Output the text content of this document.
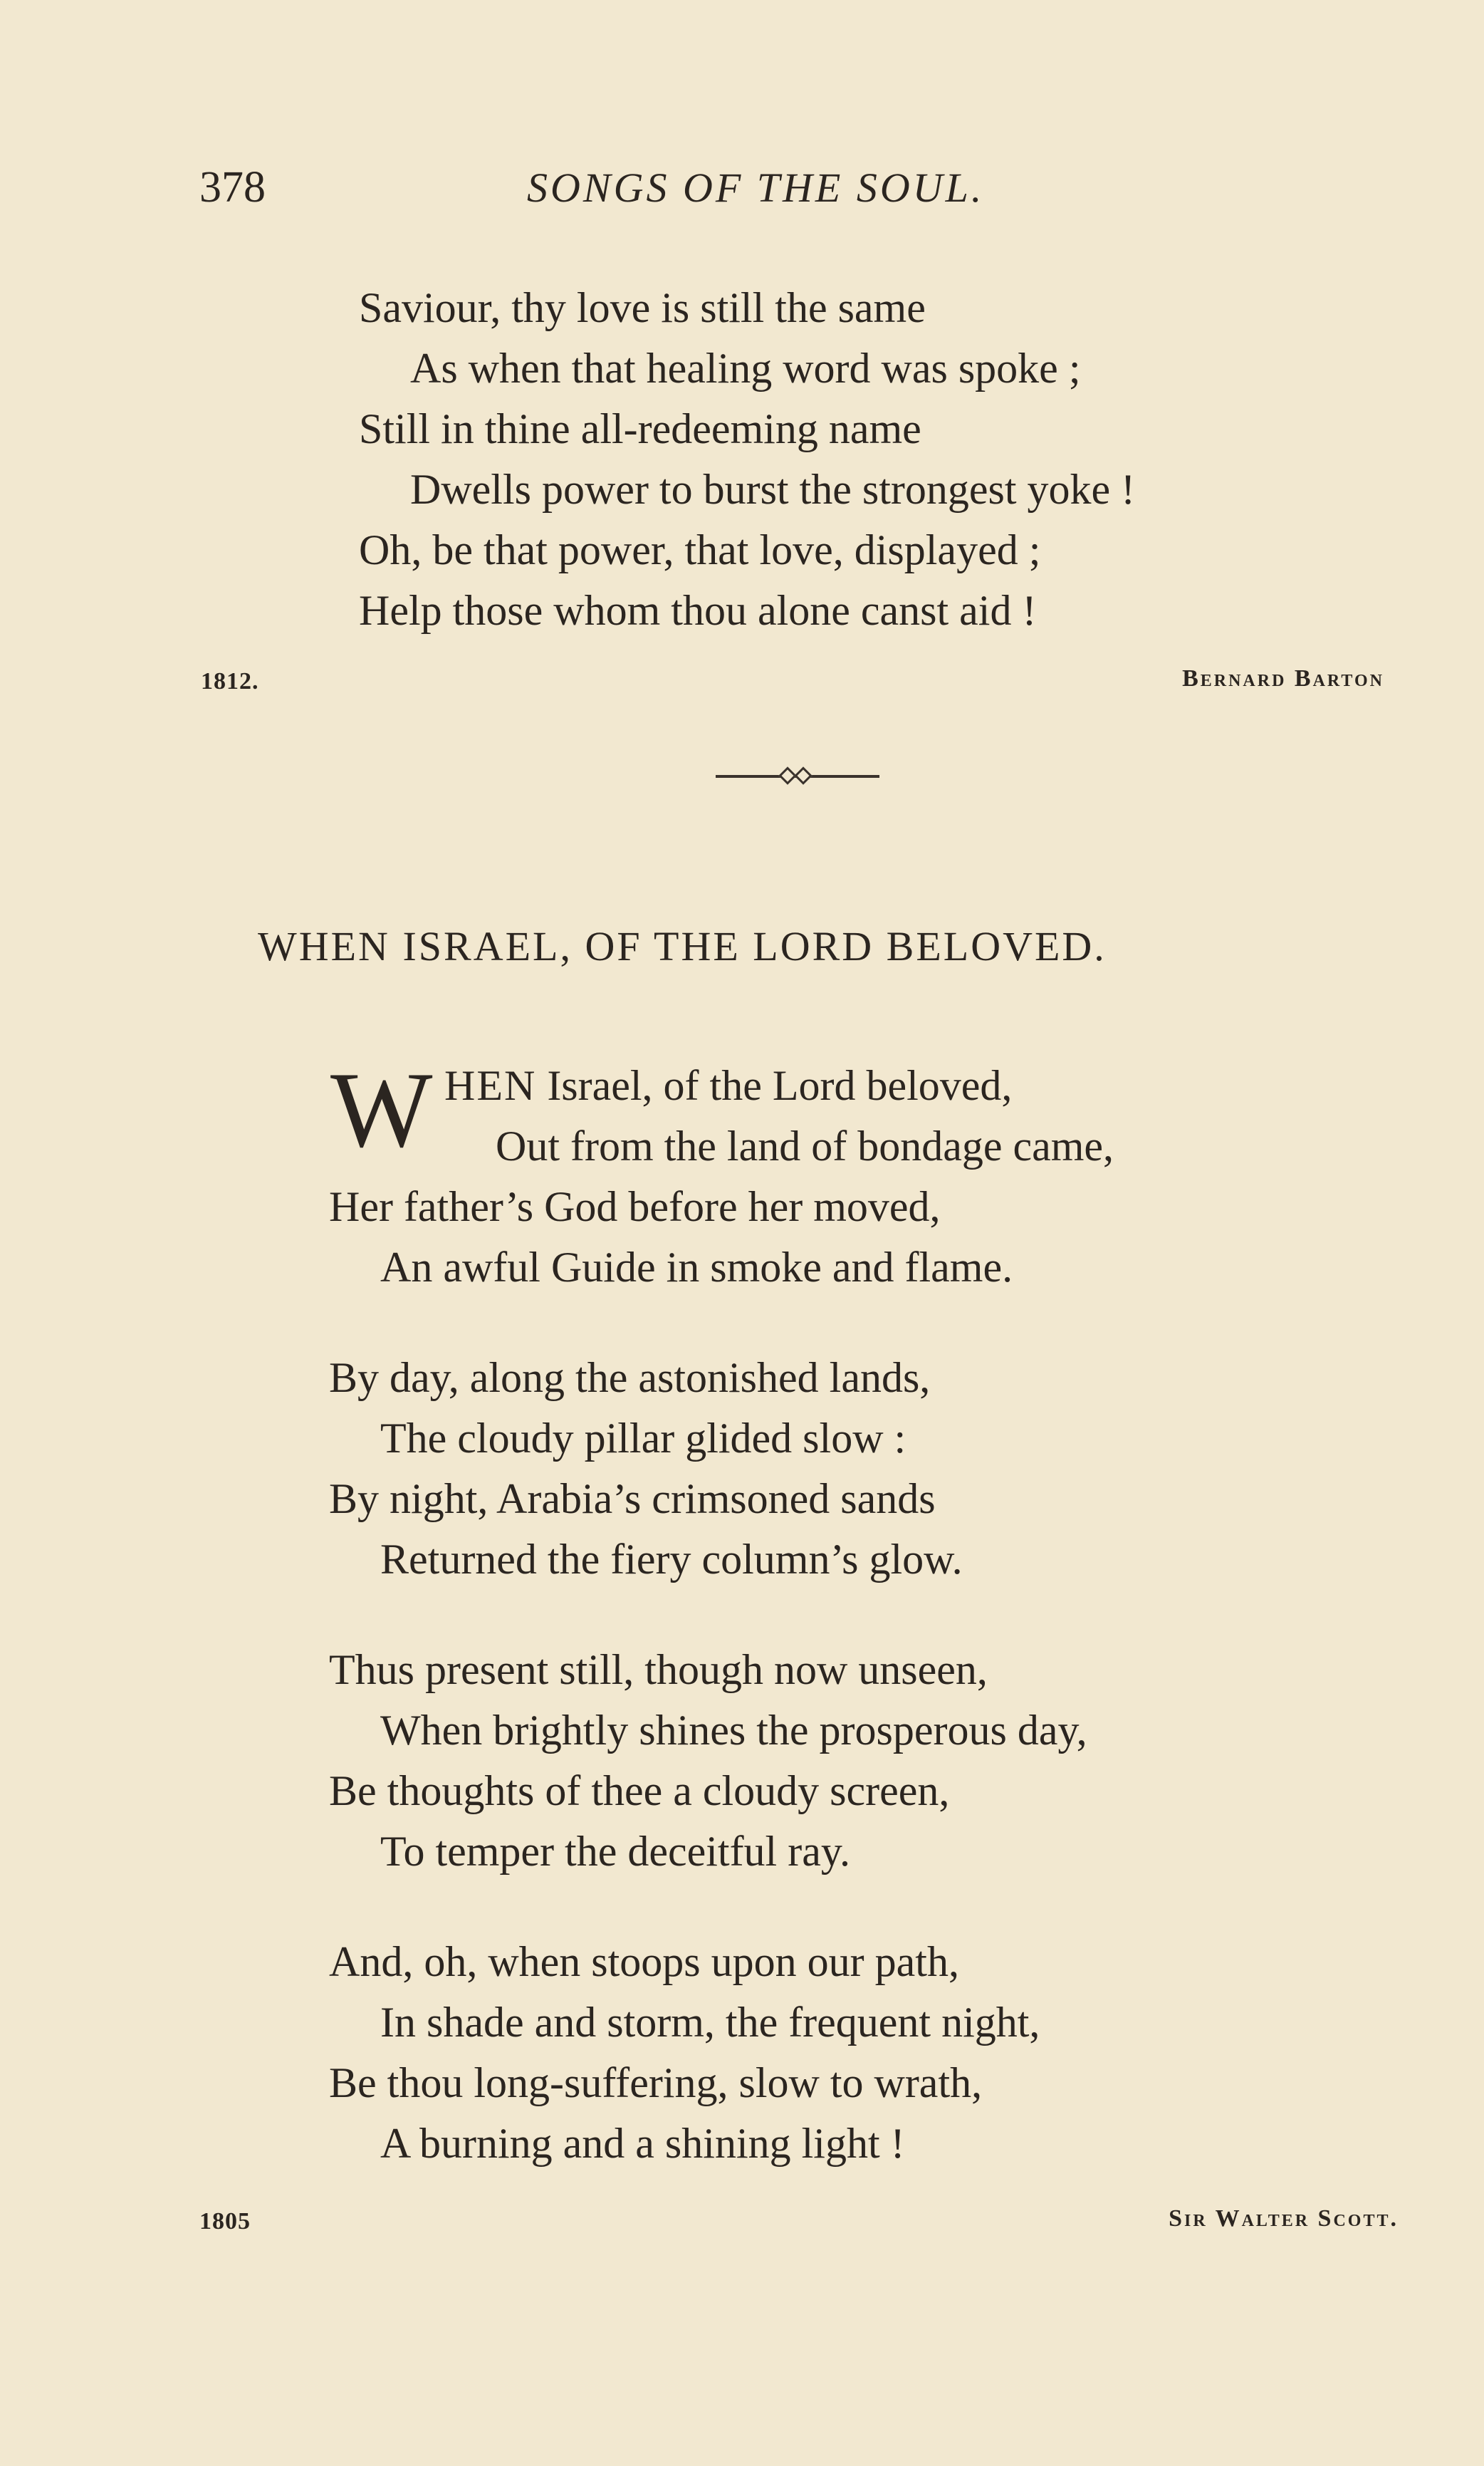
378	SONGS OF THE SOUL.
Saviour, thy love is still the same
As when that healing word was spoke ;
Still in thine all-redeeming name
Dwells power to burst the strongest yoke !
Oh, be that power, that love, displayed ;
Help those whom thou alone canst aid !
1812.	Bernard Barton
WHEN ISRAEL, OF THE LORD BELOVED.
W HEN Israel, of the Lord beloved,
Out from the land of bondage came,
Her father’s God before her moved,
An awful Guide in smoke and flame.
By day, along the astonished lands,
The cloudy pillar glided slow :
By night, Arabia’s crimsoned sands
Returned the fiery column’s glow.
Thus present still, though now unseen,
When brightly shines the prosperous day,
Be thoughts of thee a cloudy screen,
To temper the deceitful ray.
And, oh, when stoops upon our path,
In shade and storm, the frequent night,
Be thou long-suffering, slow to wrath,
A burning and a shining light !
1805	Sir Walter Scott.
